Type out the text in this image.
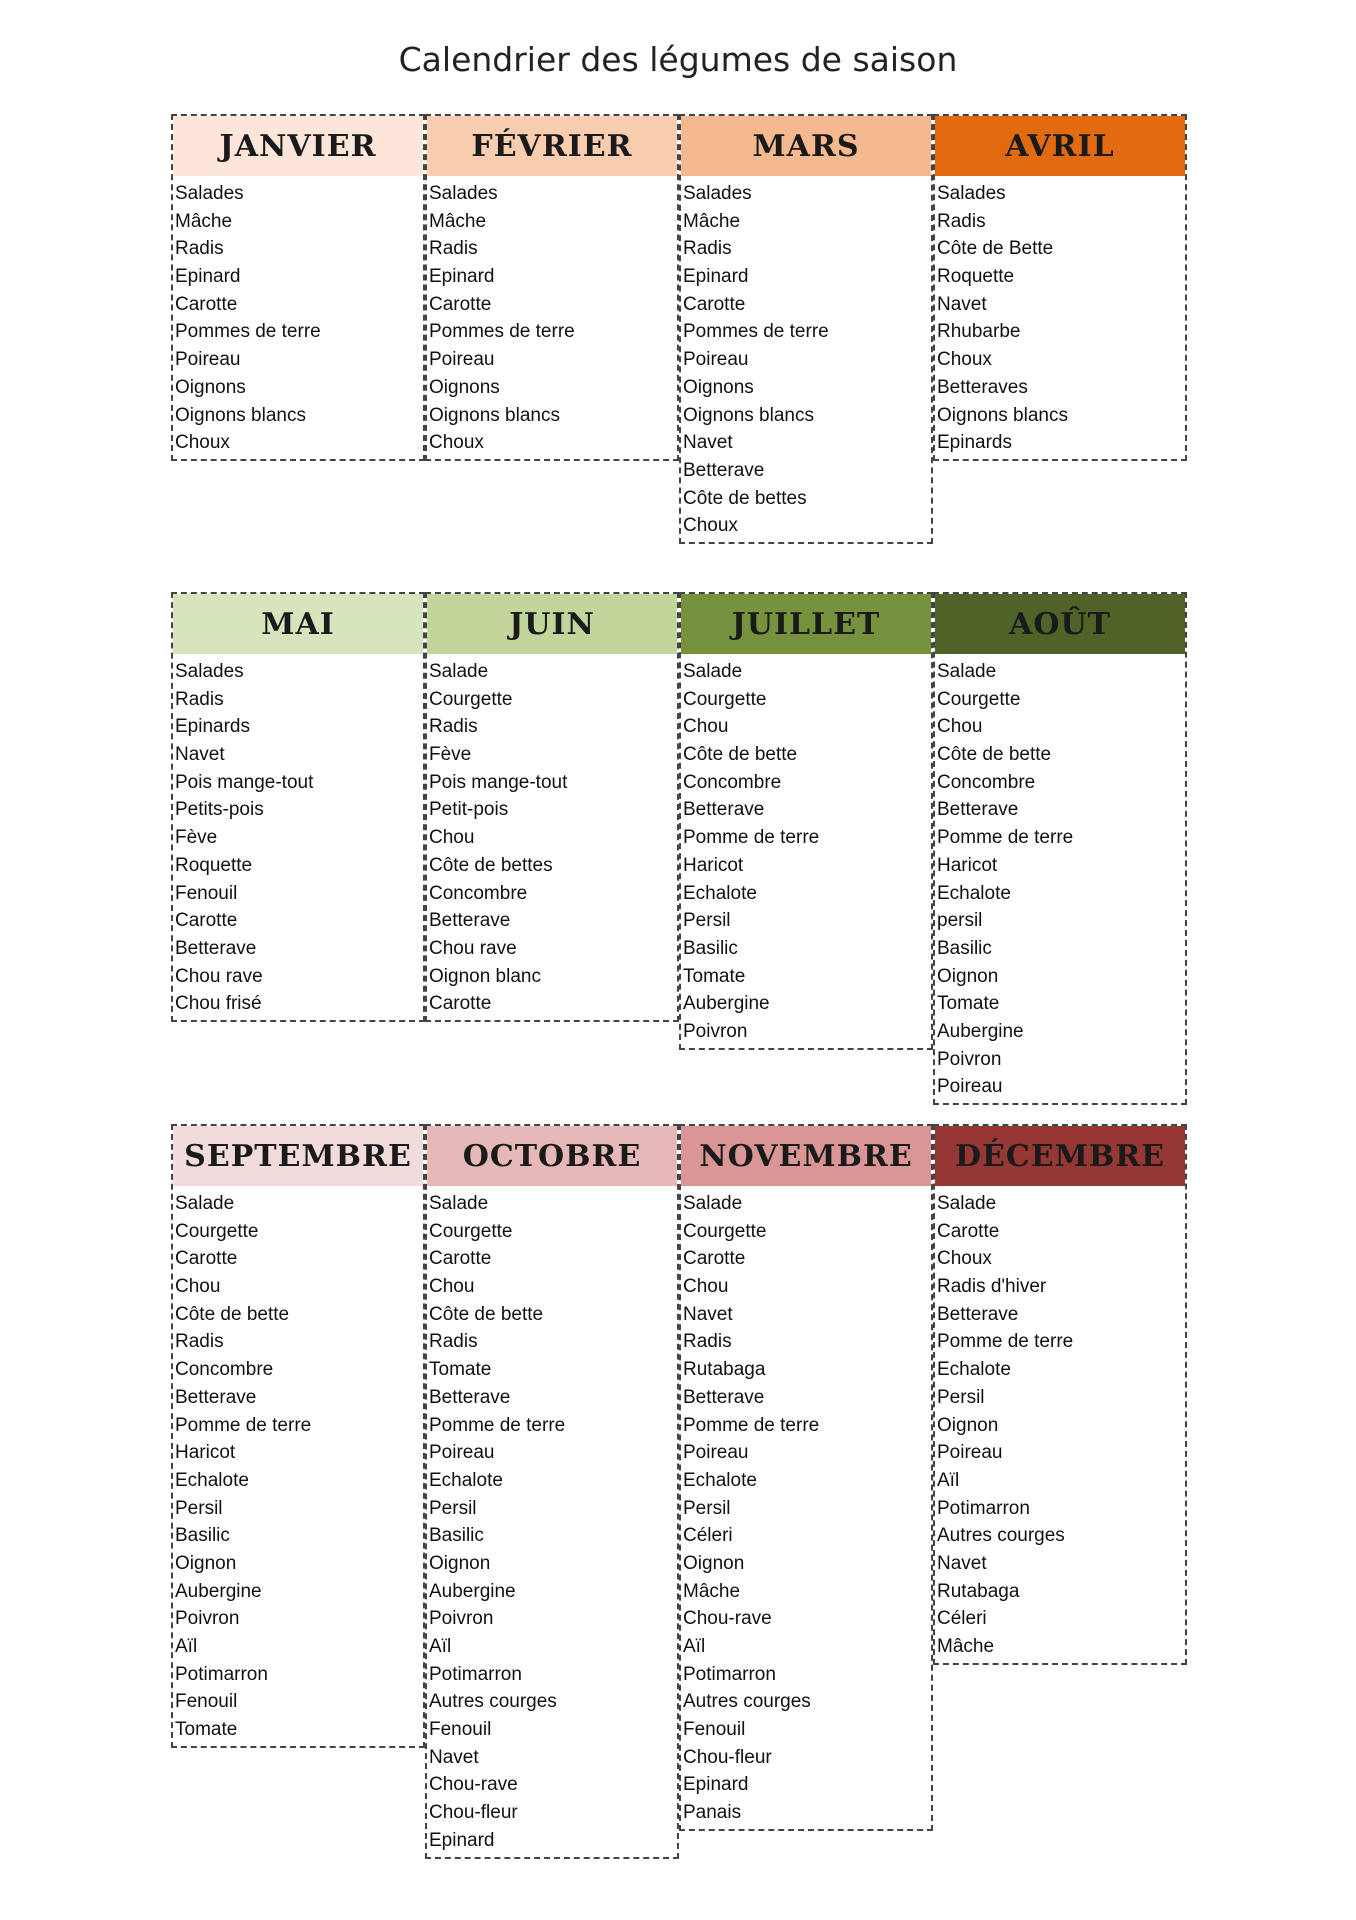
Calendrier des légumes de saison
JANVIER
Salades
Mâche
Radis
Epinard
Carotte
Pommes de terre
Poireau
Oignons
Oignons blancs
Choux
FÉVRIER
Salades
Mâche
Radis
Epinard
Carotte
Pommes de terre
Poireau
Oignons
Oignons blancs
Choux
MARS
Salades
Mâche
Radis
Epinard
Carotte
Pommes de terre
Poireau
Oignons
Oignons blancs
Navet
Betterave
Côte de bettes
Choux
AVRIL
Salades
Radis
Côte de Bette
Roquette
Navet
Rhubarbe
Choux
Betteraves
Oignons blancs
Epinards
MAI
Salades
Radis
Epinards
Navet
Pois mange-tout
Petits-pois
Fève
Roquette
Fenouil
Carotte
Betterave
Chou rave
Chou frisé
JUIN
Salade
Courgette
Radis
Fève
Pois mange-tout
Petit-pois
Chou
Côte de bettes
Concombre
Betterave
Chou rave
Oignon blanc
Carotte
JUILLET
Salade
Courgette
Chou
Côte de bette
Concombre
Betterave
Pomme de terre
Haricot
Echalote
Persil
Basilic
Tomate
Aubergine
Poivron
AOÛT
Salade
Courgette
Chou
Côte de bette
Concombre
Betterave
Pomme de terre
Haricot
Echalote
persil
Basilic
Oignon
Tomate
Aubergine
Poivron
Poireau
SEPTEMBRE
Salade
Courgette
Carotte
Chou
Côte de bette
Radis
Concombre
Betterave
Pomme de terre
Haricot
Echalote
Persil
Basilic
Oignon
Aubergine
Poivron
Aïl
Potimarron
Fenouil
Tomate
OCTOBRE
Salade
Courgette
Carotte
Chou
Côte de bette
Radis
Tomate
Betterave
Pomme de terre
Poireau
Echalote
Persil
Basilic
Oignon
Aubergine
Poivron
Aïl
Potimarron
Autres courges
Fenouil
Navet
Chou-rave
Chou-fleur
Epinard
NOVEMBRE
Salade
Courgette
Carotte
Chou
Navet
Radis
Rutabaga
Betterave
Pomme de terre
Poireau
Echalote
Persil
Céleri
Oignon
Mâche
Chou-rave
Aïl
Potimarron
Autres courges
Fenouil
Chou-fleur
Epinard
Panais
DÉCEMBRE
Salade
Carotte
Choux
Radis d'hiver
Betterave
Pomme de terre
Echalote
Persil
Oignon
Poireau
Aïl
Potimarron
Autres courges
Navet
Rutabaga
Céleri
Mâche
